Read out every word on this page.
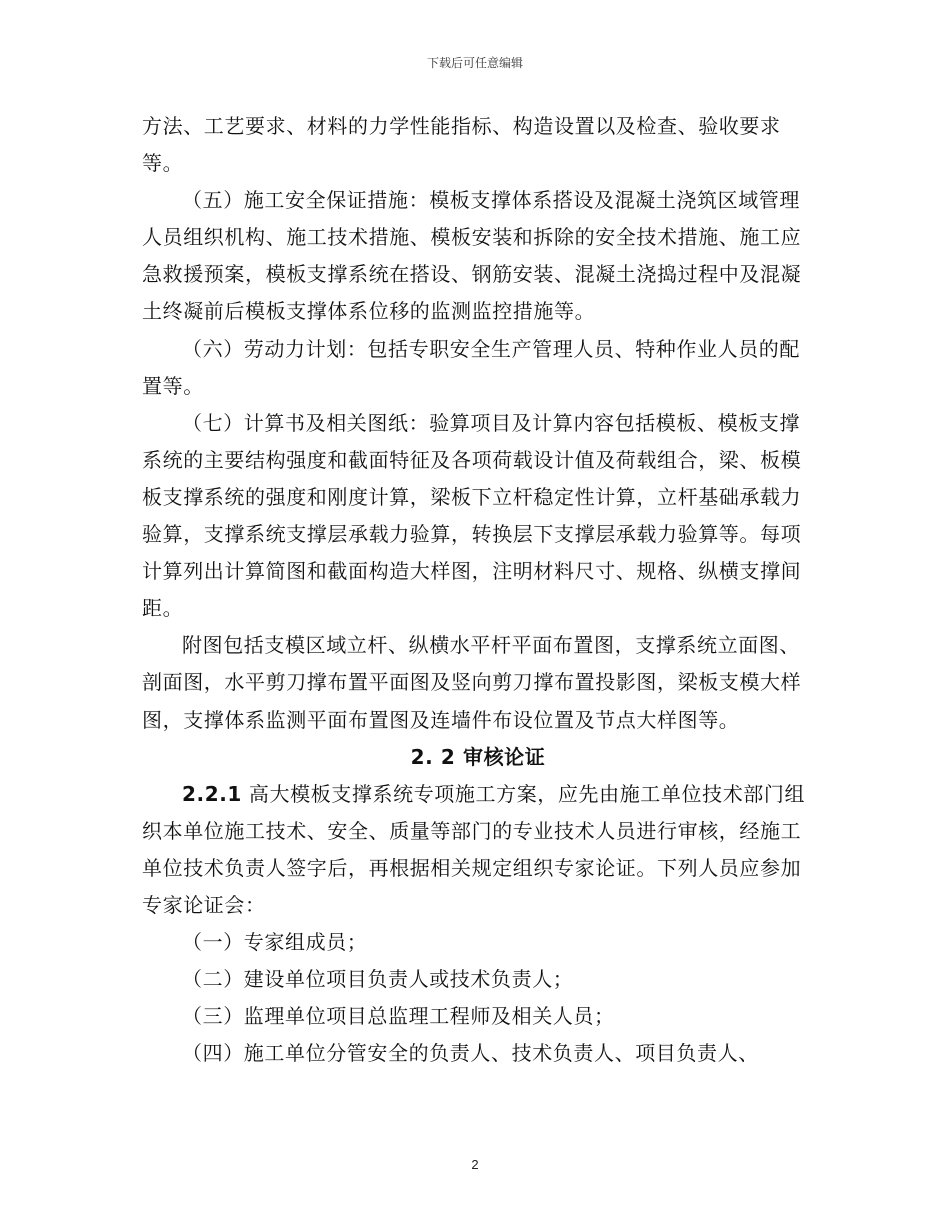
下载后可任意编辑

方法、工艺要求、材料的力学性能指标、构造设置以及检查、验收要求等。

（五）施工安全保证措施：模板支撑体系搭设及混凝土浇筑区域管理人员组织机构、施工技术措施、模板安装和拆除的安全技术措施、施工应急救援预案，模板支撑系统在搭设、钢筋安装、混凝土浇捣过程中及混凝土终凝前后模板支撑体系位移的监测监控措施等。

（六）劳动力计划：包括专职安全生产管理人员、特种作业人员的配置等。

（七）计算书及相关图纸：验算项目及计算内容包括模板、模板支撑系统的主要结构强度和截面特征及各项荷载设计值及荷载组合，梁、板模板支撑系统的强度和刚度计算，梁板下立杆稳定性计算，立杆基础承载力验算，支撑系统支撑层承载力验算，转换层下支撑层承载力验算等。每项计算列出计算简图和截面构造大样图，注明材料尺寸、规格、纵横支撑间距。

附图包括支模区域立杆、纵横水平杆平面布置图，支撑系统立面图、剖面图，水平剪刀撑布置平面图及竖向剪刀撑布置投影图，梁板支模大样图，支撑体系监测平面布置图及连墙件布设位置及节点大样图等。

2. 2 审核论证

2.2.1 高大模板支撑系统专项施工方案，应先由施工单位技术部门组织本单位施工技术、安全、质量等部门的专业技术人员进行审核，经施工单位技术负责人签字后，再根据相关规定组织专家论证。下列人员应参加专家论证会：

（一）专家组成员；

（二）建设单位项目负责人或技术负责人；

（三）监理单位项目总监理工程师及相关人员；

（四）施工单位分管安全的负责人、技术负责人、项目负责人、

2
